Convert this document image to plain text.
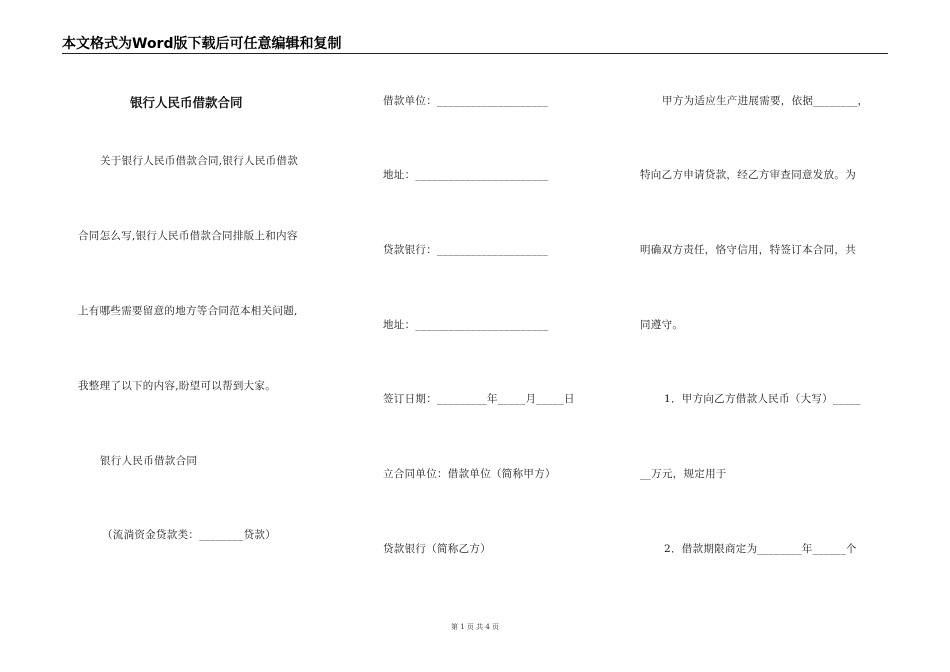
本文格式为Word版下载后可任意编辑和复制
银行人民币借款合同
关于银行人民币借款合同,银行人民币借款
合同怎么写,银行人民币借款合同排版上和内容
上有哪些需要留意的地方等合同范本相关问题,
我整理了以下的内容,盼望可以帮到大家。
银行人民币借款合同
（流淌资金贷款类：________贷款）
借款单位：____________________
地址：________________________
贷款银行：____________________
地址：________________________
签订日期：_________年_____月_____日
立合同单位：借款单位（简称甲方）
贷款银行（简称乙方）
甲方为适应生产进展需要，依据________，
特向乙方申请贷款，经乙方审查同意发放。为
明确双方责任，恪守信用，特签订本合同，共
同遵守。
1．甲方向乙方借款人民币（大写）_____
__万元，规定用于
2．借款期限商定为________年______个
第 1 页 共 4 页
